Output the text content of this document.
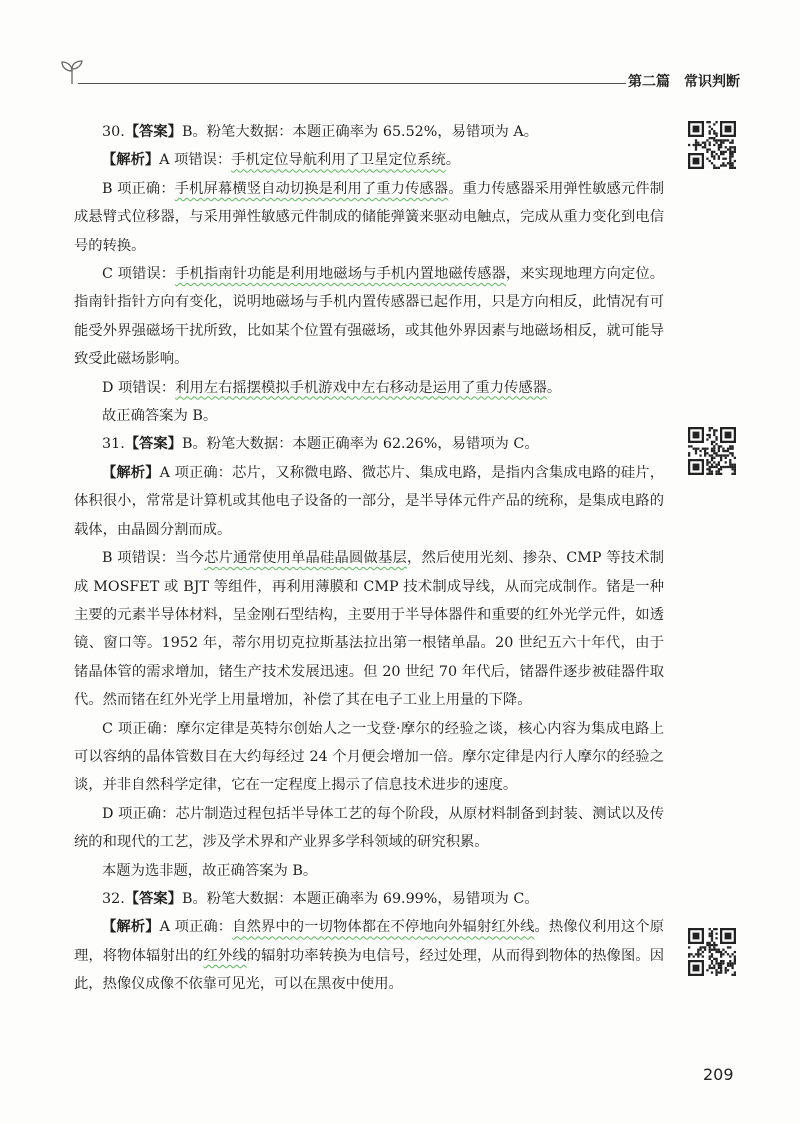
第二篇　常识判断

30.【答案】B。粉笔大数据：本题正确率为 65.52%，易错项为 A。

【解析】A 项错误：手机定位导航利用了卫星定位系统。

B 项正确：手机屏幕横竖自动切换是利用了重力传感器。重力传感器采用弹性敏感元件制成悬臂式位移器，与采用弹性敏感元件制成的储能弹簧来驱动电触点，完成从重力变化到电信号的转换。

C 项错误：手机指南针功能是利用地磁场与手机内置地磁传感器，来实现地理方向定位。指南针指针方向有变化，说明地磁场与手机内置传感器已起作用，只是方向相反，此情况有可能受外界强磁场干扰所致，比如某个位置有强磁场，或其他外界因素与地磁场相反，就可能导致受此磁场影响。

D 项错误：利用左右摇摆模拟手机游戏中左右移动是运用了重力传感器。

故正确答案为 B。

31.【答案】B。粉笔大数据：本题正确率为 62.26%，易错项为 C。

【解析】A 项正确：芯片，又称微电路、微芯片、集成电路，是指内含集成电路的硅片，体积很小，常常是计算机或其他电子设备的一部分，是半导体元件产品的统称，是集成电路的载体，由晶圆分割而成。

B 项错误：当今芯片通常使用单晶硅晶圆做基层，然后使用光刻、掺杂、CMP 等技术制成 MOSFET 或 BJT 等组件，再利用薄膜和 CMP 技术制成导线，从而完成制作。锗是一种主要的元素半导体材料，呈金刚石型结构，主要用于半导体器件和重要的红外光学元件，如透镜、窗口等。1952 年，蒂尔用切克拉斯基法拉出第一根锗单晶。20 世纪五六十年代，由于锗晶体管的需求增加，锗生产技术发展迅速。但 20 世纪 70 年代后，锗器件逐步被硅器件取代。然而锗在红外光学上用量增加，补偿了其在电子工业上用量的下降。

C 项正确：摩尔定律是英特尔创始人之一戈登·摩尔的经验之谈，核心内容为集成电路上可以容纳的晶体管数目在大约每经过 24 个月便会增加一倍。摩尔定律是内行人摩尔的经验之谈，并非自然科学定律，它在一定程度上揭示了信息技术进步的速度。

D 项正确：芯片制造过程包括半导体工艺的每个阶段，从原材料制备到封装、测试以及传统的和现代的工艺，涉及学术界和产业界多学科领域的研究积累。

本题为选非题，故正确答案为 B。

32.【答案】B。粉笔大数据：本题正确率为 69.99%，易错项为 C。

【解析】A 项正确：自然界中的一切物体都在不停地向外辐射红外线。热像仪利用这个原理，将物体辐射出的红外线的辐射功率转换为电信号，经过处理，从而得到物体的热像图。因此，热像仪成像不依靠可见光，可以在黑夜中使用。

209
